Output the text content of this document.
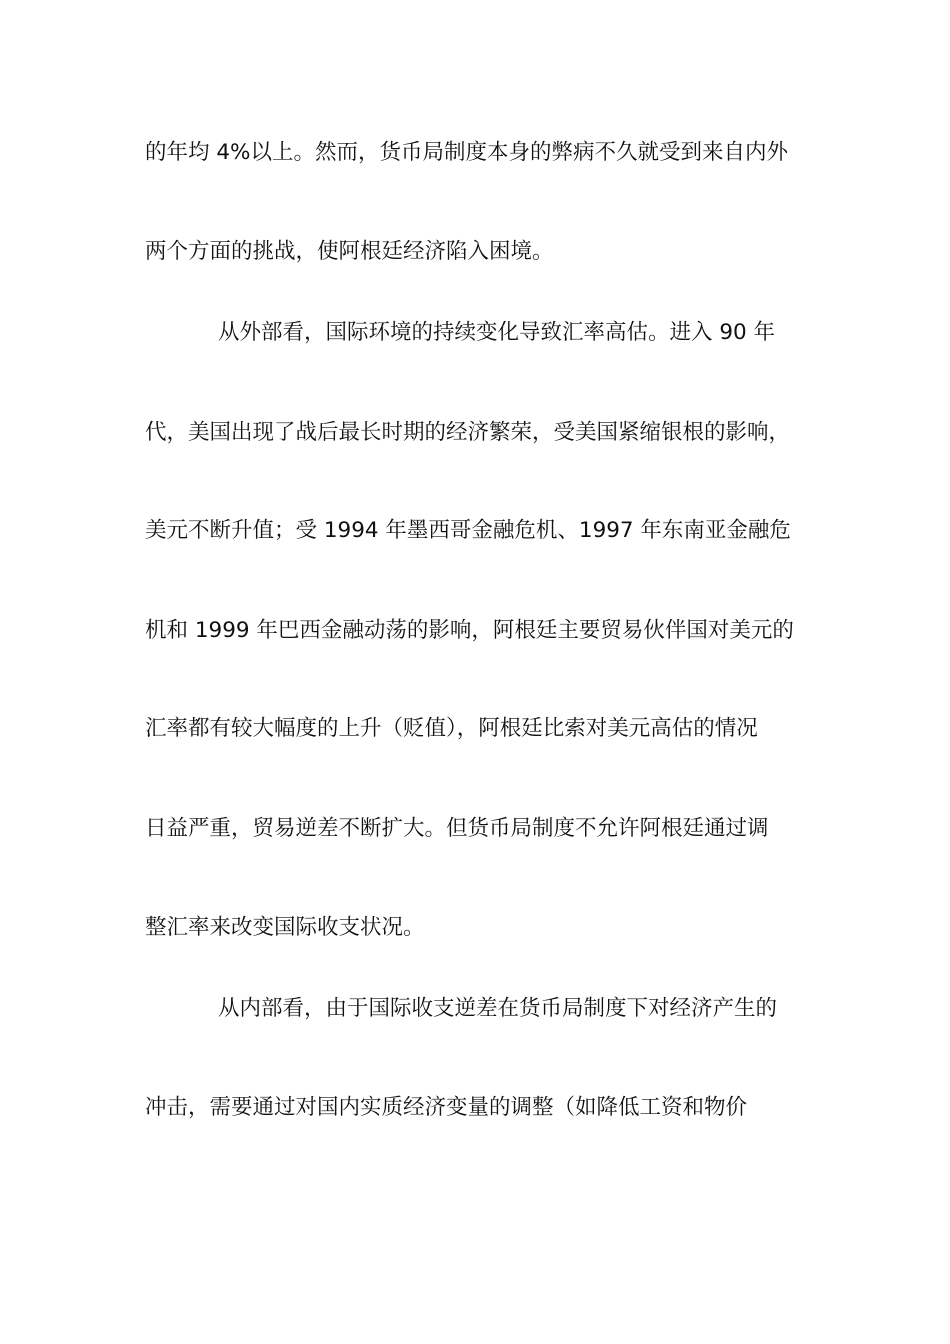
的年均 4%以上。然而，货币局制度本身的弊病不久就受到来自内外
两个方面的挑战，使阿根廷经济陷入困境。
从外部看，国际环境的持续变化导致汇率高估。进入 90 年
代，美国出现了战后最长时期的经济繁荣，受美国紧缩银根的影响，
美元不断升值；受 1994 年墨西哥金融危机、1997 年东南亚金融危
机和 1999 年巴西金融动荡的影响，阿根廷主要贸易伙伴国对美元的
汇率都有较大幅度的上升（贬值），阿根廷比索对美元高估的情况
日益严重，贸易逆差不断扩大。但货币局制度不允许阿根廷通过调
整汇率来改变国际收支状况。
从内部看，由于国际收支逆差在货币局制度下对经济产生的
冲击，需要通过对国内实质经济变量的调整（如降低工资和物价
